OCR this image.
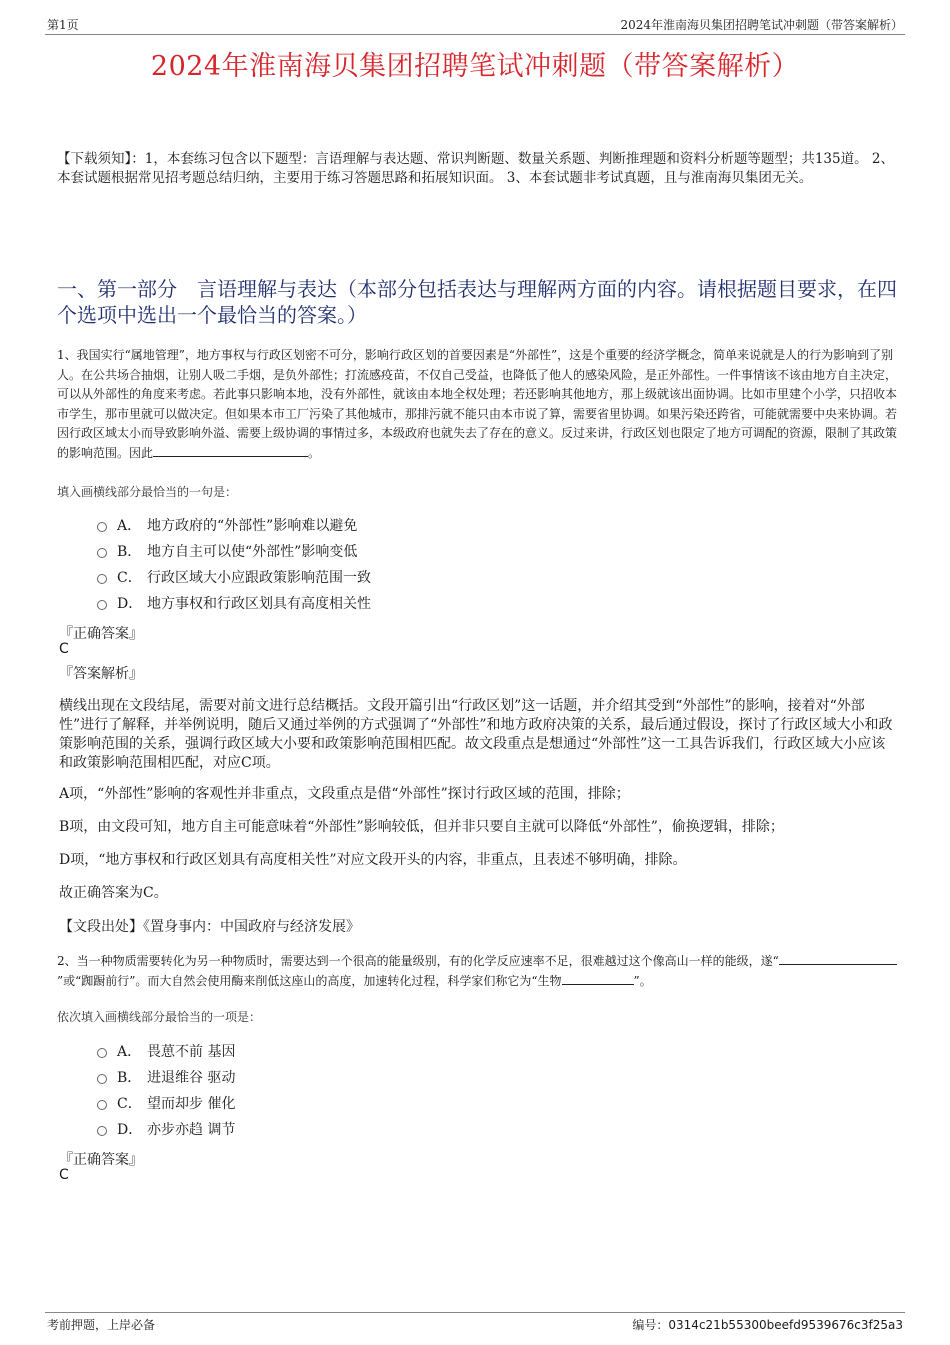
第1页	2024年淮南海贝集团招聘笔试冲刺题（带答案解析）
2024年淮南海贝集团招聘笔试冲刺题（带答案解析）
【下载须知】：1，本套练习包含以下题型：言语理解与表达题、常识判断题、数量关系题、判断推理题和资料分析题等题型；共135道。 2、本套试题根据常见招考题总结归纳，主要用于练习答题思路和拓展知识面。 3、本套试题非考试真题，且与淮南海贝集团无关。
一、第一部分　言语理解与表达（本部分包括表达与理解两方面的内容。请根据题目要求，在四个选项中选出一个最恰当的答案。）
1、我国实行“属地管理”，地方事权与行政区划密不可分，影响行政区划的首要因素是“外部性”，这是个重要的经济学概念，简单来说就是人的行为影响到了别人。在公共场合抽烟，让别人吸二手烟，是负外部性；打流感疫苗，不仅自己受益，也降低了他人的感染风险，是正外部性。一件事情该不该由地方自主决定，可以从外部性的角度来考虑。若此事只影响本地，没有外部性，就该由本地全权处理；若还影响其他地方，那上级就该出面协调。比如市里建个小学，只招收本市学生，那市里就可以做决定。但如果本市工厂污染了其他城市，那排污就不能只由本市说了算，需要省里协调。如果污染还跨省，可能就需要中央来协调。若因行政区域太小而导致影响外溢、需要上级协调的事情过多，本级政府也就失去了存在的意义。反过来讲，行政区划也限定了地方可调配的资源，限制了其政策的影响范围。因此	。
填入画横线部分最恰当的一句是：
A． 地方政府的“外部性”影响难以避免
B． 地方自主可以使“外部性”影响变低
C． 行政区域大小应跟政策影响范围一致
D． 地方事权和行政区划具有高度相关性
『正确答案』
C
『答案解析』
横线出现在文段结尾，需要对前文进行总结概括。文段开篇引出“行政区划”这一话题，并介绍其受到“外部性”的影响，接着对“外部性”进行了解释，并举例说明，随后又通过举例的方式强调了“外部性”和地方政府决策的关系，最后通过假设，探讨了行政区域大小和政策影响范围的关系，强调行政区域大小要和政策影响范围相匹配。故文段重点是想通过“外部性”这一工具告诉我们，行政区域大小应该和政策影响范围相匹配，对应C项。
A项，“外部性”影响的客观性并非重点，文段重点是借“外部性”探讨行政区域的范围，排除；
B项，由文段可知，地方自主可能意味着“外部性”影响较低，但并非只要自主就可以降低“外部性”，偷换逻辑，排除；
D项，“地方事权和行政区划具有高度相关性”对应文段开头的内容，非重点，且表述不够明确，排除。
故正确答案为C。
【文段出处】《置身事内：中国政府与经济发展》
2、当一种物质需要转化为另一种物质时，需要达到一个很高的能量级别，有的化学反应速率不足，很难越过这个像高山一样的能级，遂“”或“踟蹰前行”。而大自然会使用酶来削低这座山的高度，加速转化过程，科学家们称它为“生物	”。
依次填入画横线部分最恰当的一项是：
A． 畏葸不前 基因
B． 进退维谷 驱动
C． 望而却步 催化
D． 亦步亦趋 调节
『正确答案』
C
考前押题，上岸必备	编号：0314c21b55300beefd9539676c3f25a3
